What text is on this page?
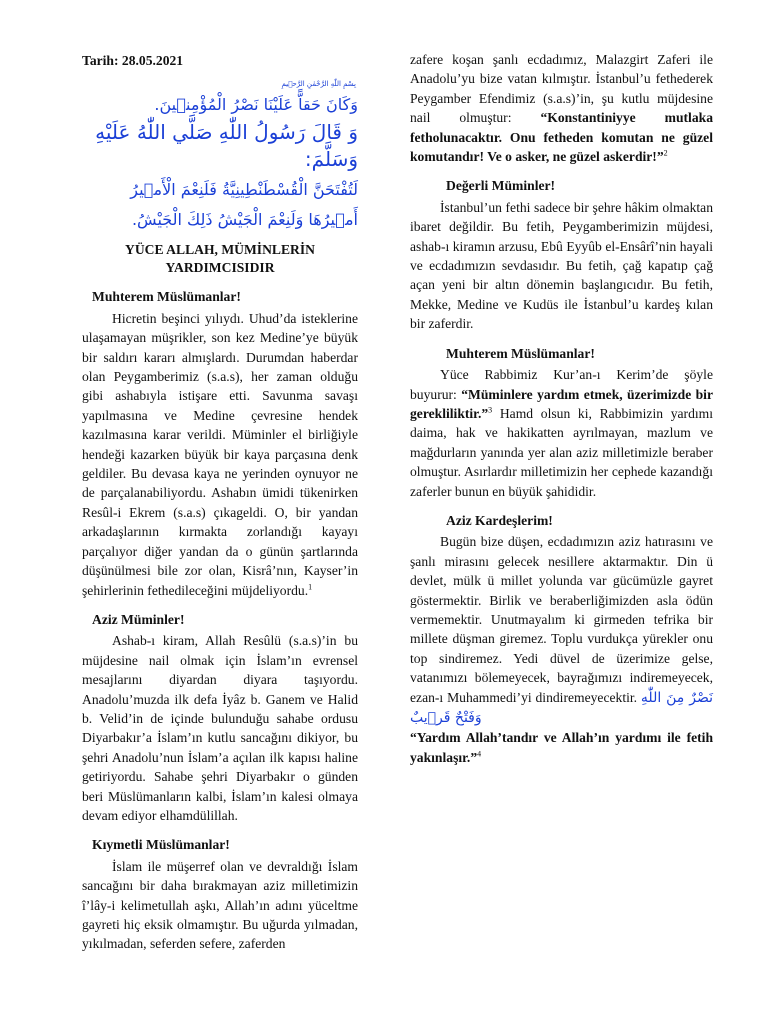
Tarih: 28.05.2021

بِسْمِ اللّٰهِ الرَّحْمٰنِ الرَّح۪يمِ
وَكَانَ حَقاًّ عَلَيْنَا نَصْرُ الْمُؤْمِن۪ينَ.
وَ قَالَ رَسُولُ اللّٰهِ صَلَّي اللّٰهُ عَلَيْهِ وَسَلَّمَ:
لَتُفْتَحَنَّ الْقُسْطَنْطِينِيَّةُ فَلَنِعْمَ الْأَم۪يرُ أَم۪يرُهَا وَلَنِعْمَ الْجَيْشُ ذَلِكَ الْجَيْشُ.
YÜCE ALLAH, MÜMİNLERİN
YARDIMCISIDIR

Muhterem Müslümanlar!

Hicretin beşinci yılıydı. Uhud’da isteklerine ulaşamayan müşrikler, son kez Medine’ye büyük bir saldırı kararı almışlardı. Durumdan haberdar olan Peygamberimiz (s.a.s), her zaman olduğu gibi ashabıyla istişare etti. Savunma savaşı yapılmasına ve Medine çevresine hendek kazılmasına karar verildi. Müminler el birliğiyle hendeği kazarken büyük bir kaya parçasına denk geldiler. Bu devasa kaya ne yerinden oynuyor ne de parçalanabiliyordu. Ashabın ümidi tükenirken Resûl-i Ekrem (s.a.s) çıkageldi. O, bir yandan arkadaşlarının kırmakta zorlandığı kayayı parçalıyor diğer yandan da o günün şartlarında düşünülmesi bile zor olan, Kisrâ’nın, Kayser’in şehirlerinin fethedileceğini müjdeliyordu.$^1$

Aziz Müminler!

Ashab-ı kiram, Allah Resûlü (s.a.s)’in bu müjdesine nail olmak için İslam’ın evrensel mesajlarını diyardan diyara taşıyordu. Anadolu’muzda ilk defa İyâz b. Ganem ve Halid b. Velid’in de içinde bulunduğu sahabe ordusu Diyarbakır’a İslam’ın kutlu sancağını dikiyor, bu şehri Anadolu’nun İslam’a açılan ilk kapısı haline getiriyordu. Sahabe şehri Diyarbakır o günden beri Müslümanların kalbi, İslam’ın kalesi olmaya devam ediyor elhamdülillah.

Kıymetli Müslümanlar!

İslam ile müşerref olan ve devraldığı İslam sancağını bir daha bırakmayan aziz milletimizin î’lây-i kelimetullah aşkı, Allah’ın adını yüceltme gayreti hiç eksik olmamıştır. Bu uğurda yılmadan, yıkılmadan, seferden sefere, zaferden

zafere koşan şanlı ecdadımız, Malazgirt Zaferi ile Anadolu’yu bize vatan kılmıştır. İstanbul’u fethederek Peygamber Efendimiz (s.a.s)’in, şu kutlu müjdesine nail olmuştur: “Konstantiniyye mutlaka fetholunacaktır. Onu fetheden komutan ne güzel komutandır! Ve o asker, ne güzel askerdir!”$^2$

Değerli Müminler!

İstanbul’un fethi sadece bir şehre hâkim olmaktan ibaret değildir. Bu fetih, Peygamberimizin müjdesi, ashab-ı kiramın arzusu, Ebû Eyyûb el-Ensârî’nin hayali ve ecdadımızın sevdasıdır. Bu fetih, çağ kapatıp çağ açan yeni bir altın dönemin başlangıcıdır. Bu fetih, Mekke, Medine ve Kudüs ile İstanbul’u kardeş kılan bir zaferdir.

Muhterem Müslümanlar!

Yüce Rabbimiz Kur’an-ı Kerim’de şöyle buyurur: “Müminlere yardım etmek, üzerimizde bir gerekliliktir.”$^3$ Hamd olsun ki, Rabbimizin yardımı daima, hak ve hakikatten ayrılmayan, mazlum ve mağdurların yanında yer alan aziz milletimizle beraber olmuştur. Asırlardır milletimizin her cephede kazandığı zaferler bunun en büyük şahididir.

Aziz Kardeşlerim!

Bugün bize düşen, ecdadımızın aziz hatırasını ve şanlı mirasını gelecek nesillere aktarmaktır. Din ü devlet, mülk ü millet yolunda var gücümüzle gayret göstermektir. Birlik ve beraberliğimizden asla ödün vermemektir. Unutmayalım ki girmeden tefrika bir millete düşman giremez. Toplu vurdukça yürekler onu top sindiremez. Yedi düvel de üzerimize gelse, vatanımızı bölemeyecek, bayrağımızı indiremeyecek, ezan-ı Muhammedi’yi dindiremeyecektir. نَصْرٌ مِنَ اللّٰهِ وَفَتْحٌ قَر۪يبٌ
“Yardım Allah’tandır ve Allah’ın yardımı ile fetih yakınlaşır.”$^4$
